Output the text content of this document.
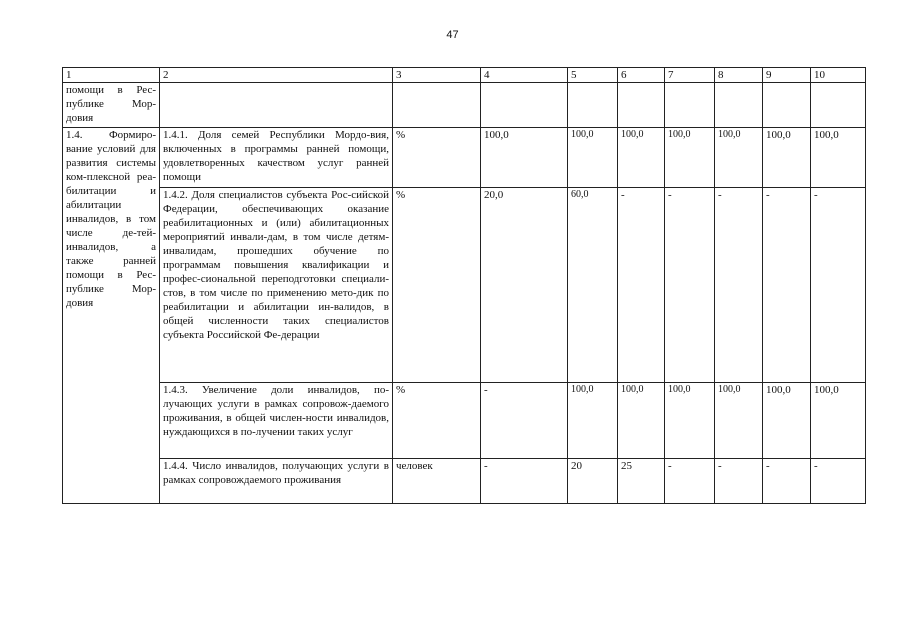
47
1	2	3	4	5	6	7	8	9	10
помощи в Рес-публике Мор-довия									
1.4. Формиро-вание условий для развития системы ком-плексной реа-билитации и абилитации инвалидов, в том числе де-тей-инвалидов, а также ранней помощи в Рес-публике Мор-довия	1.4.1. Доля семей Республики Мордо-вия, включенных в программы ранней помощи, удовлетворенных качеством услуг ранней помощи	%	100,0	100,0	100,0	100,0	100,0	100,0	100,0
	1.4.2. Доля специалистов субъекта Рос-сийской Федерации, обеспечивающих оказание реабилитационных и (или) абилитационных мероприятий инвали-дам, в том числе детям-инвалидам, прошедших обучение по программам повышения квалификации и профес-сиональной переподготовки специали-стов, в том числе по применению мето-дик по реабилитации и абилитации ин-валидов, в общей численности таких специалистов субъекта Российской Фе-дерации	%	20,0	60,0	-	-	-	-	-
	1.4.3. Увеличение доли инвалидов, по-лучающих услуги в рамках сопровож-даемого проживания, в общей числен-ности инвалидов, нуждающихся в по-лучении таких услуг	%	-	100,0	100,0	100,0	100,0	100,0	100,0
	1.4.4. Число инвалидов, получающих услуги в рамках сопровождаемого проживания	человек	-	20	25	-	-	-	-
